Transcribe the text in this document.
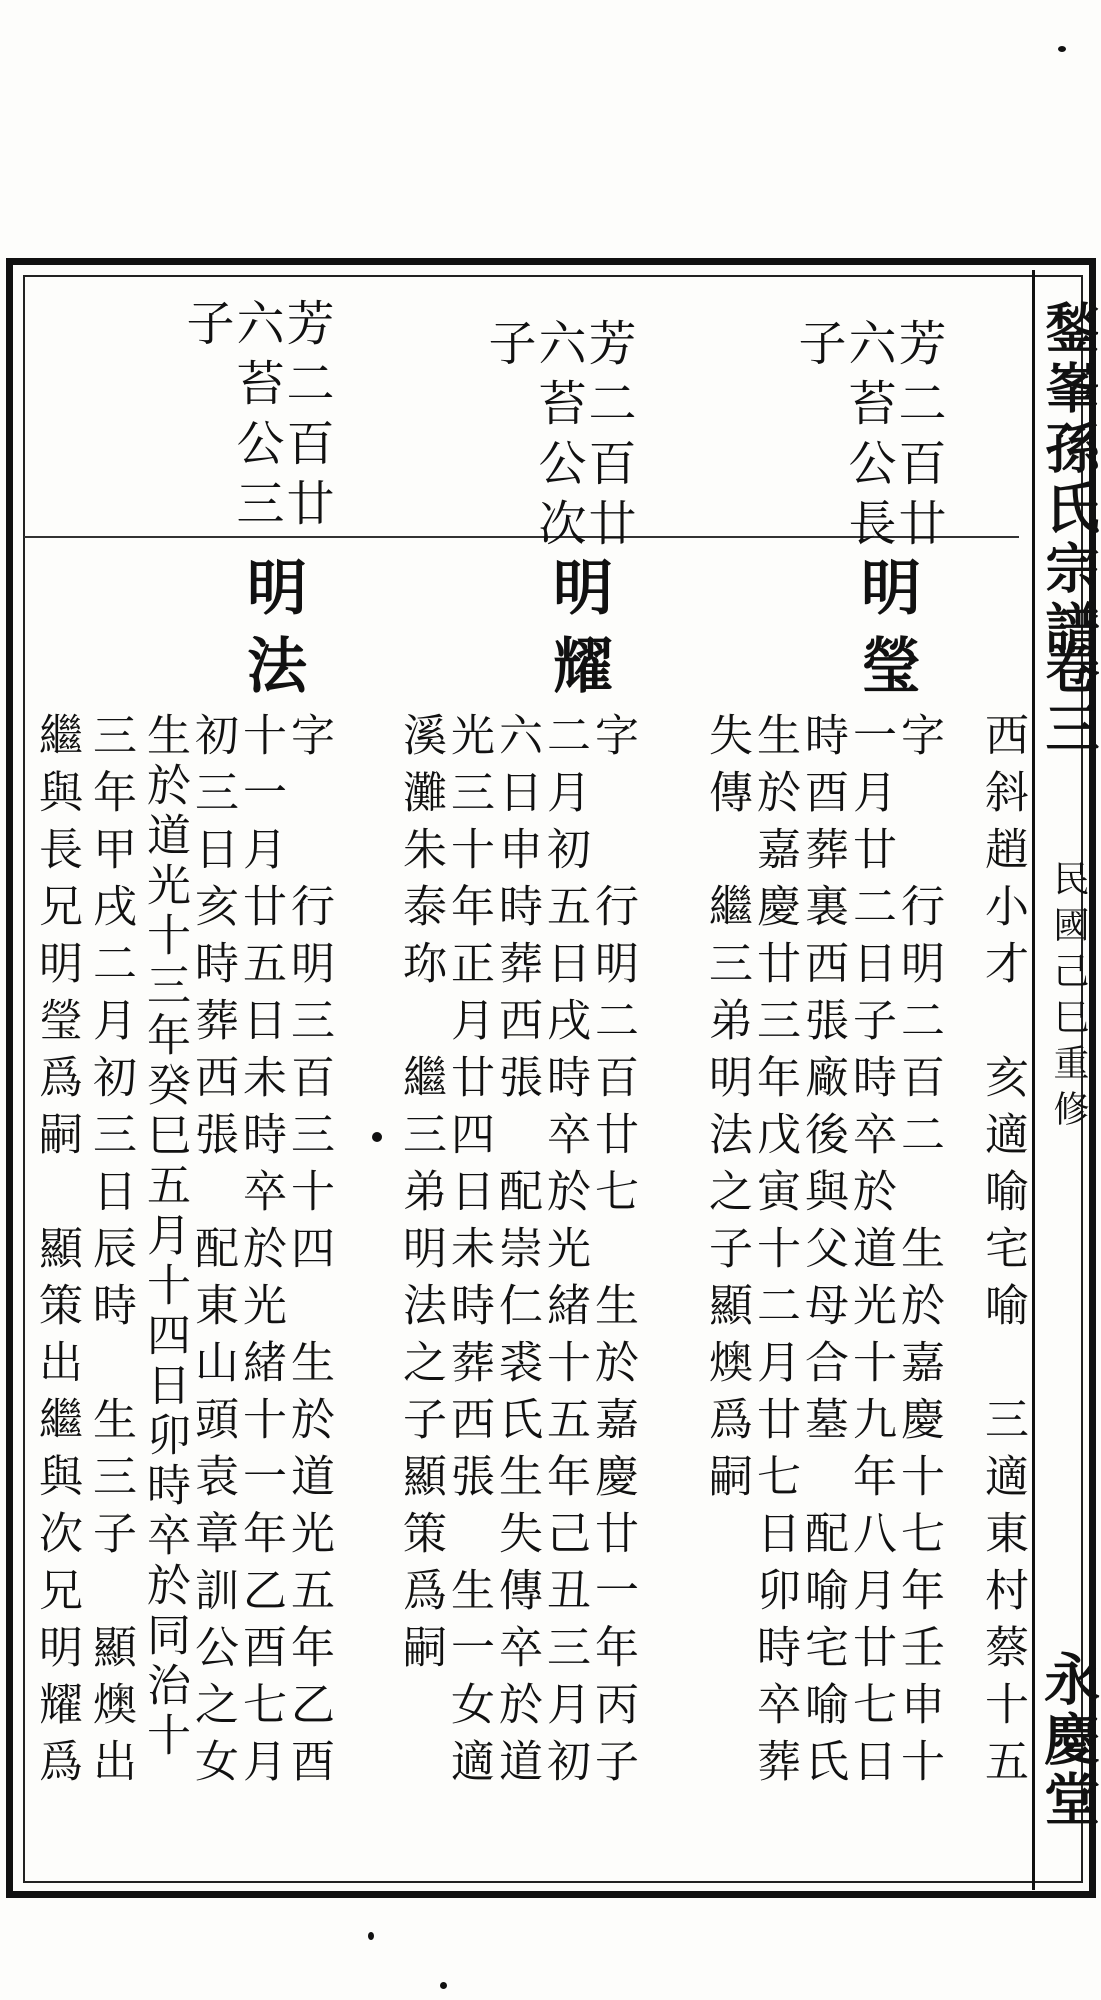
鍫峯孫氏宗譜
卷三
永慶堂
民國己巳重修
西斜趙小才　亥適喻宅喻　三適東村蔡十五
芳二百廿
六苔公長
子
明瑩
字　　行明二百二　生於嘉慶十七年壬申十
一月廿二日子時卒於道光十九年八月廿七日
時酉葬裏西張廠後與父母合墓　配喻宅喻氏
生於嘉慶廿三年戊寅十二月廿七日卯時卒葬
失傳　繼三弟明法之子顯燠爲嗣
芳二百廿
六苔公次
子
明耀
字　　行明二百廿七　生於嘉慶廿一年丙子
二月初五日戌時卒於光緒十五年己丑三月初
六日申時葬西張　配崇仁裘氏生失傳卒於道
光三十年正月廿四日未時葬西張　生一女適
溪灘朱泰珎　繼三弟明法之子顯策爲嗣
芳二百廿
六苔公三
子
明法
字　　行明三百三十四　生於道光五年乙酉
十一月廿五日未時卒於光緒十一年乙酉七月
初三日亥時葬西張　配東山頭袁章訓公之女
生於道光十三年癸巳五月十四日卯時卒於同治十
三年甲戌二月初三日辰時　生三子　顯燠出
繼與長兄明瑩爲嗣　顯策出繼與次兄明耀爲
